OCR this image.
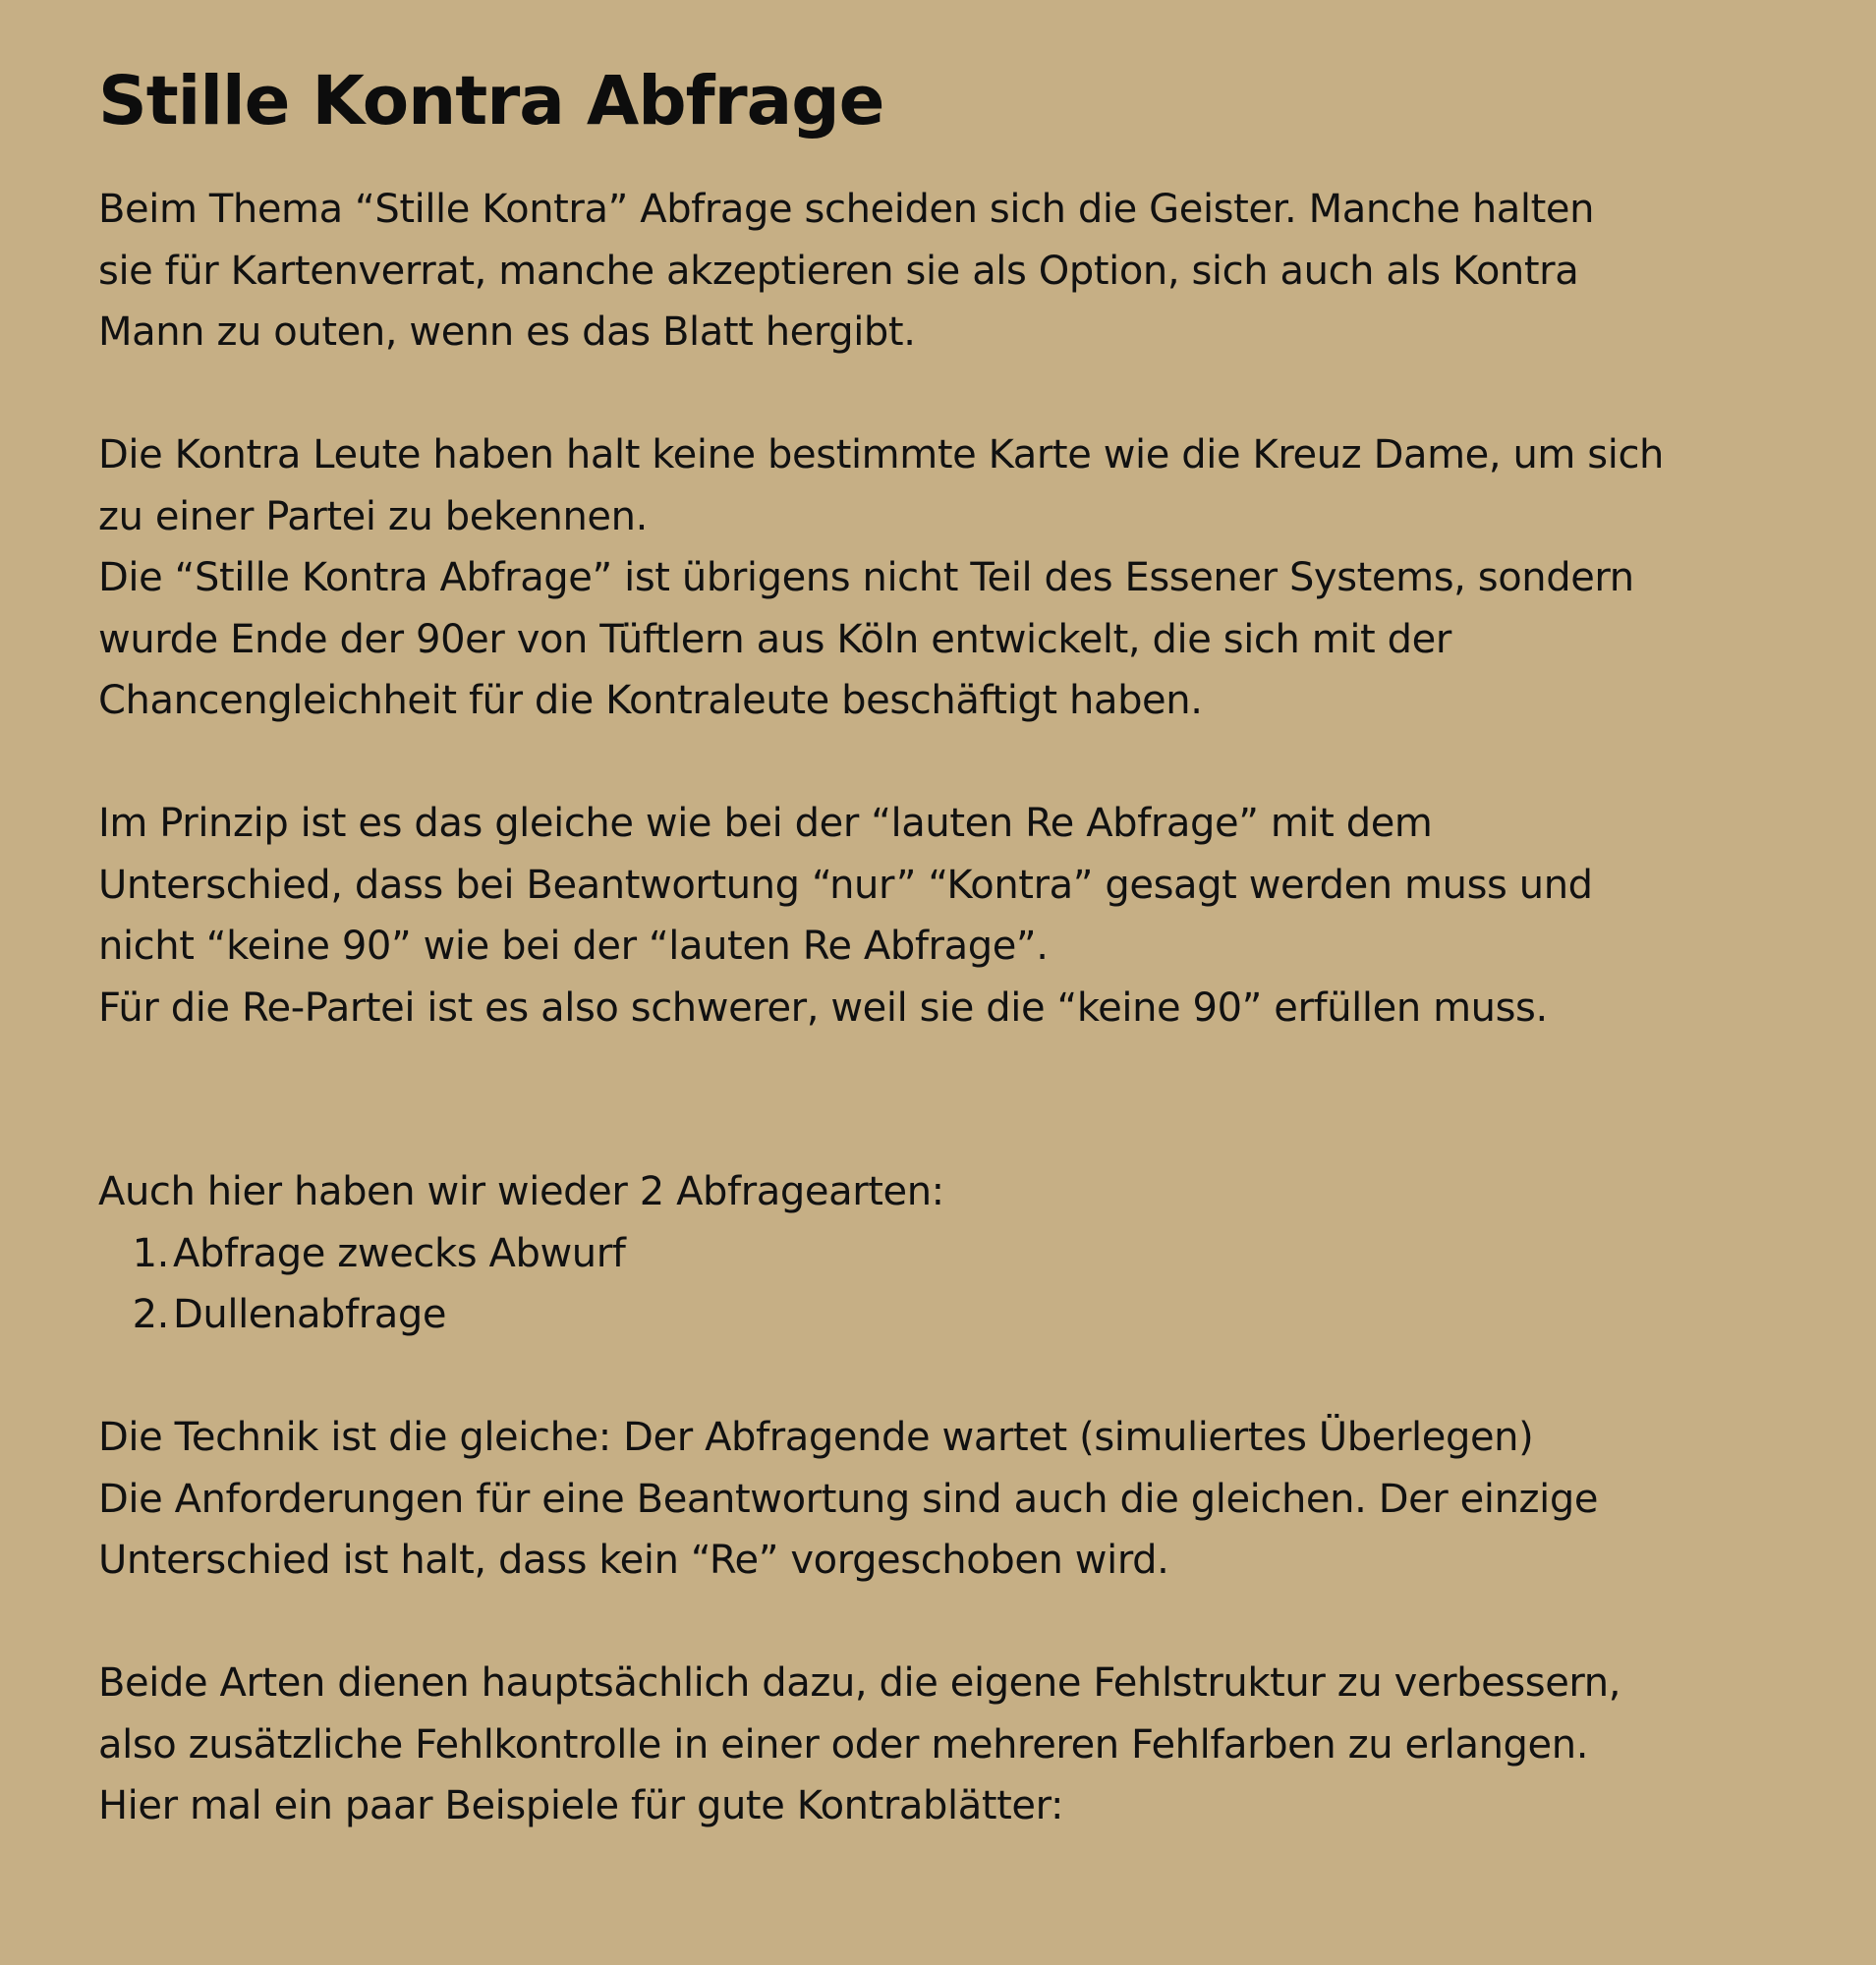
Stille Kontra Abfrage
Beim Thema “Stille Kontra” Abfrage scheiden sich die Geister. Manche halten
sie für Kartenverrat, manche akzeptieren sie als Option, sich auch als Kontra
Mann zu outen, wenn es das Blatt hergibt.
Die Kontra Leute haben halt keine bestimmte Karte wie die Kreuz Dame, um sich
zu einer Partei zu bekennen.
Die “Stille Kontra Abfrage” ist übrigens nicht Teil des Essener Systems, sondern
wurde Ende der 90er von Tüftlern aus Köln entwickelt, die sich mit der
Chancengleichheit für die Kontraleute beschäftigt haben.
Im Prinzip ist es das gleiche wie bei der “lauten Re Abfrage” mit dem
Unterschied, dass bei Beantwortung “nur” “Kontra” gesagt werden muss und
nicht “keine 90” wie bei der “lauten Re Abfrage”.
Für die Re-Partei ist es also schwerer, weil sie die “keine 90” erfüllen muss.
Auch hier haben wir wieder 2 Abfragearten:
1. Abfrage zwecks Abwurf
2. Dullenabfrage
Die Technik ist die gleiche: Der Abfragende wartet (simuliertes Überlegen)
Die Anforderungen für eine Beantwortung sind auch die gleichen. Der einzige
Unterschied ist halt, dass kein “Re” vorgeschoben wird.
Beide Arten dienen hauptsächlich dazu, die eigene Fehlstruktur zu verbessern,
also zusätzliche Fehlkontrolle in einer oder mehreren Fehlfarben zu erlangen.
Hier mal ein paar Beispiele für gute Kontrablätter:
